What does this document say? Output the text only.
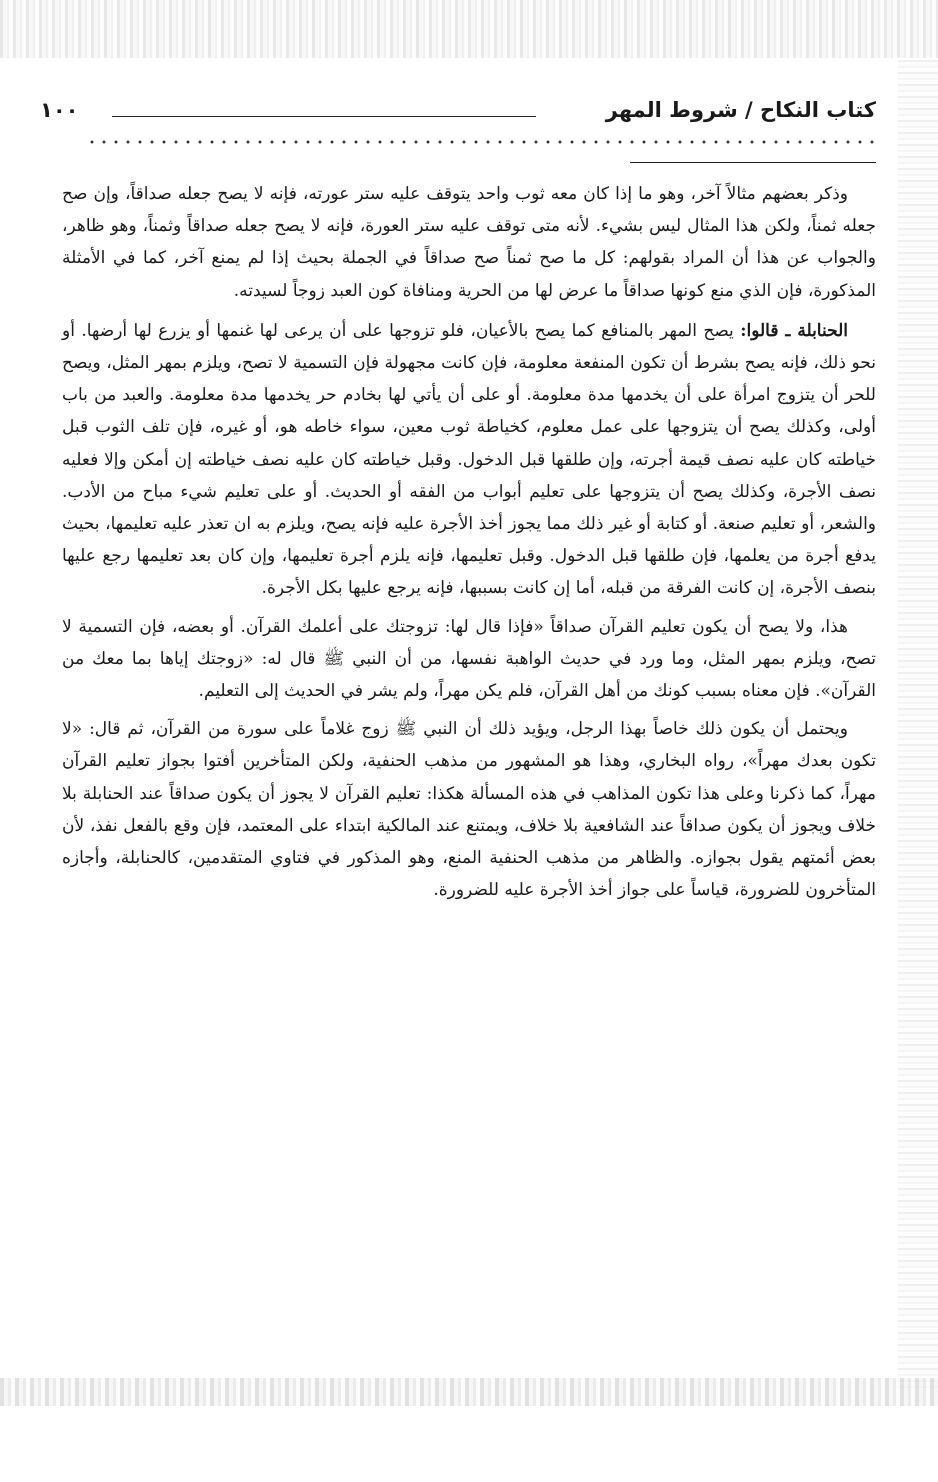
كتاب النكاح / شروط المهر
١٠٠

وذكر بعضهم مثالاً آخر، وهو ما إذا كان معه ثوب واحد يتوقف عليه ستر عورته، فإنه لا يصح جعله صداقاً، وإن صح جعله ثمناً، ولكن هذا المثال ليس بشيء. لأنه متى توقف عليه ستر العورة، فإنه لا يصح جعله صداقاً وثمناً، وهو ظاهر، والجواب عن هذا أن المراد بقولهم: كل ما صح ثمناً صح صداقاً في الجملة بحيث إذا لم يمنع آخر، كما في الأمثلة المذكورة، فإن الذي منع كونها صداقاً ما عرض لها من الحرية ومنافاة كون العبد زوجاً لسيدته.

الحنابلة ـ قالوا: يصح المهر بالمنافع كما يصح بالأعيان، فلو تزوجها على أن يرعى لها غنمها أو يزرع لها أرضها. أو نحو ذلك، فإنه يصح بشرط أن تكون المنفعة معلومة، فإن كانت مجهولة فإن التسمية لا تصح، ويلزم بمهر المثل، ويصح للحر أن يتزوج امرأة على أن يخدمها مدة معلومة. أو على أن يأتي لها بخادم حر يخدمها مدة معلومة. والعبد من باب أولى، وكذلك يصح أن يتزوجها على عمل معلوم، كخياطة ثوب معين، سواء خاطه هو، أو غيره، فإن تلف الثوب قبل خياطته كان عليه نصف قيمة أجرته، وإن طلقها قبل الدخول. وقبل خياطته كان عليه نصف خياطته إن أمكن وإلا فعليه نصف الأجرة، وكذلك يصح أن يتزوجها على تعليم أبواب من الفقه أو الحديث. أو على تعليم شيء مباح من الأدب. والشعر، أو تعليم صنعة. أو كتابة أو غير ذلك مما يجوز أخذ الأجرة عليه فإنه يصح، ويلزم به ان تعذر عليه تعليمها، بحيث يدفع أجرة من يعلمها، فإن طلقها قبل الدخول. وقبل تعليمها، فإنه يلزم أجرة تعليمها، وإن كان بعد تعليمها رجع عليها بنصف الأجرة، إن كانت الفرقة من قبله، أما إن كانت بسببها، فإنه يرجع عليها بكل الأجرة.

هذا، ولا يصح أن يكون تعليم القرآن صداقاً «فإذا قال لها: تزوجتك على أعلمك القرآن. أو بعضه، فإن التسمية لا تصح، ويلزم بمهر المثل، وما ورد في حديث الواهبة نفسها، من أن النبي ﷺ قال له: «زوجتك إياها بما معك من القرآن». فإن معناه بسبب كونك من أهل القرآن، فلم يكن مهراً، ولم يشر في الحديث إلى التعليم.

ويحتمل أن يكون ذلك خاصاً بهذا الرجل، ويؤيد ذلك أن النبي ﷺ زوج غلاماً على سورة من القرآن، ثم قال: «لا تكون بعدك مهراً»، رواه البخاري، وهذا هو المشهور من مذهب الحنفية، ولكن المتأخرين أفتوا بجواز تعليم القرآن مهراً، كما ذكرنا وعلى هذا تكون المذاهب في هذه المسألة هكذا: تعليم القرآن لا يجوز أن يكون صداقاً عند الحنابلة بلا خلاف ويجوز أن يكون صداقاً عند الشافعية بلا خلاف، ويمتنع عند المالكية ابتداء على المعتمد، فإن وقع بالفعل نفذ، لأن بعض أئمتهم يقول بجوازه. والظاهر من مذهب الحنفية المنع، وهو المذكور في فتاوي المتقدمين، كالحنابلة، وأجازه المتأخرون للضرورة، قياساً على جواز أخذ الأجرة عليه للضرورة.
